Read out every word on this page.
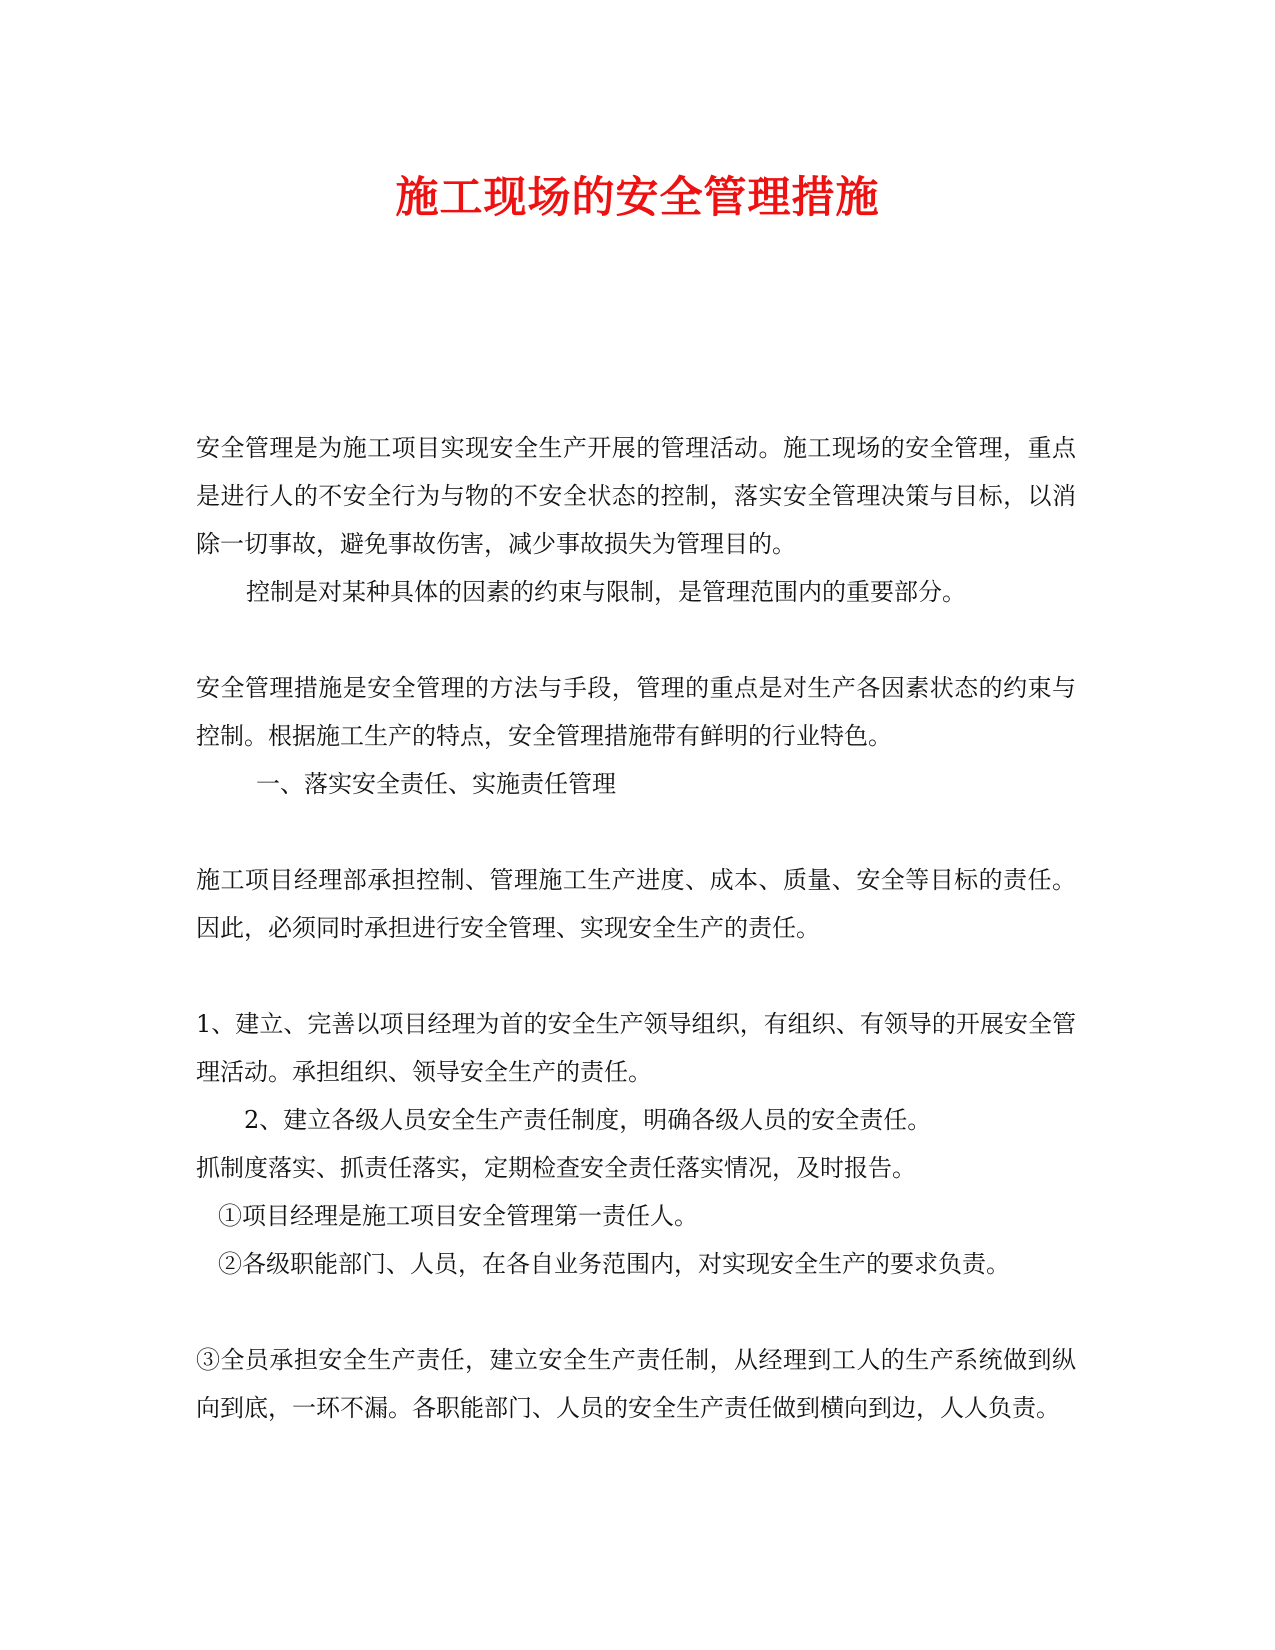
施工现场的安全管理措施

安全管理是为施工项目实现安全生产开展的管理活动。施工现场的安全管理，重点是进行人的不安全行为与物的不安全状态的控制，落实安全管理决策与目标，以消除一切事故，避免事故伤害，减少事故损失为管理目的。

控制是对某种具体的因素的约束与限制，是管理范围内的重要部分。

安全管理措施是安全管理的方法与手段，管理的重点是对生产各因素状态的约束与控制。根据施工生产的特点，安全管理措施带有鲜明的行业特色。

一、落实安全责任、实施责任管理

施工项目经理部承担控制、管理施工生产进度、成本、质量、安全等目标的责任。因此，必须同时承担进行安全管理、实现安全生产的责任。

1、建立、完善以项目经理为首的安全生产领导组织，有组织、有领导的开展安全管理活动。承担组织、领导安全生产的责任。

2、建立各级人员安全生产责任制度，明确各级人员的安全责任。

抓制度落实、抓责任落实，定期检查安全责任落实情况，及时报告。

①项目经理是施工项目安全管理第一责任人。

②各级职能部门、人员，在各自业务范围内，对实现安全生产的要求负责。

③全员承担安全生产责任，建立安全生产责任制，从经理到工人的生产系统做到纵向到底，一环不漏。各职能部门、人员的安全生产责任做到横向到边，人人负责。
